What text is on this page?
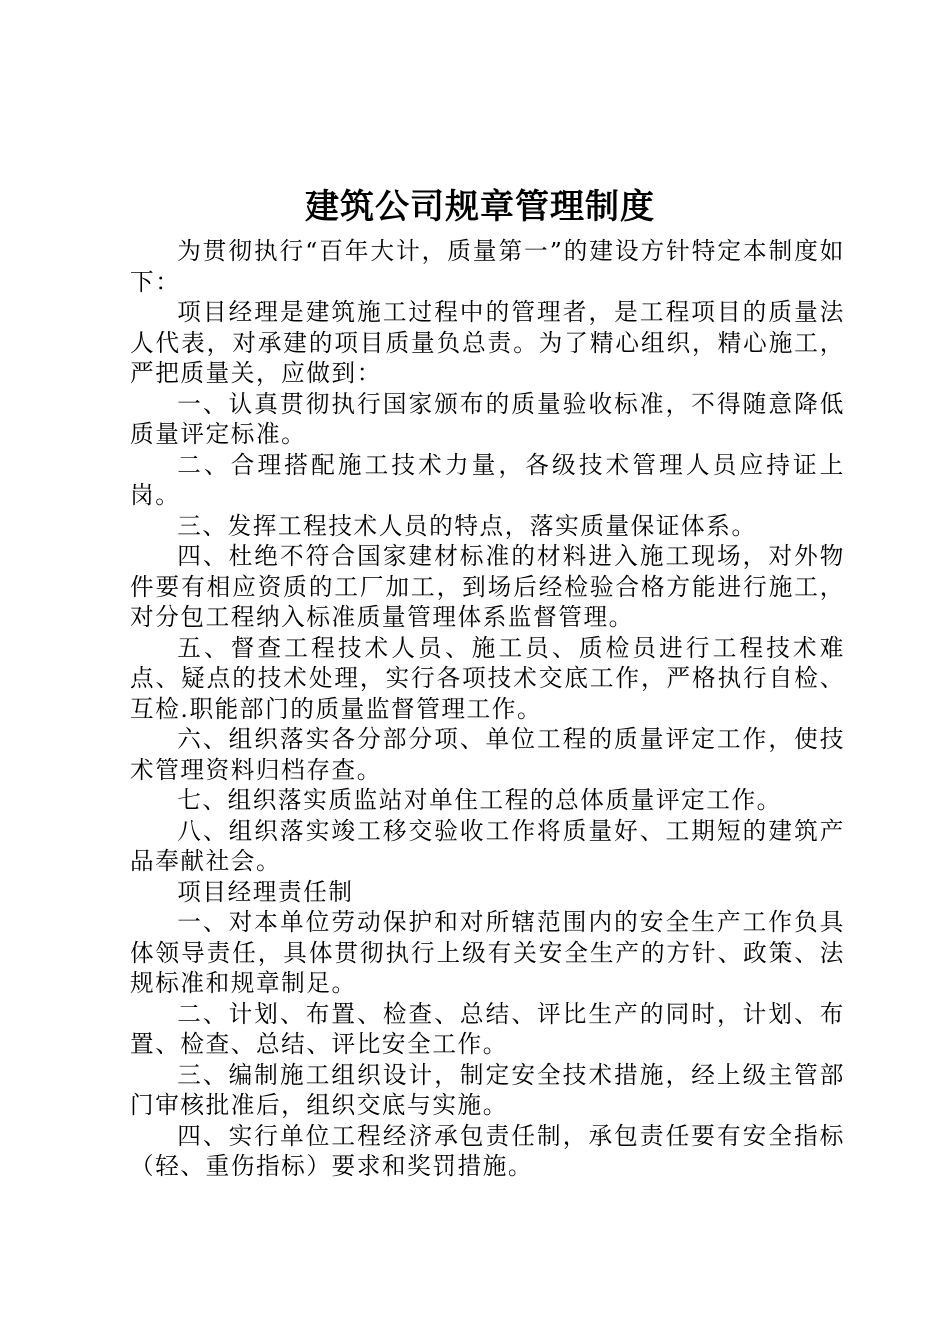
建筑公司规章管理制度

为贯彻执行“百年大计，质量第一”的建设方针特定本制度如下：

项目经理是建筑施工过程中的管理者，是工程项目的质量法人代表，对承建的项目质量负总责。为了精心组织，精心施工，严把质量关，应做到：

一、认真贯彻执行国家颁布的质量验收标准，不得随意降低质量评定标准。

二、合理搭配施工技术力量，各级技术管理人员应持证上岗。

三、发挥工程技术人员的特点，落实质量保证体系。

四、杜绝不符合国家建材标准的材料进入施工现场，对外物件要有相应资质的工厂加工，到场后经检验合格方能进行施工，对分包工程纳入标准质量管理体系监督管理。

五、督查工程技术人员、施工员、质检员进行工程技术难点、疑点的技术处理，实行各项技术交底工作，严格执行自检、互检.职能部门的质量监督管理工作。

六、组织落实各分部分项、单位工程的质量评定工作，使技术管理资料归档存查。

七、组织落实质监站对单住工程的总体质量评定工作。

八、组织落实竣工移交验收工作将质量好、工期短的建筑产品奉献社会。

项目经理责任制

一、对本单位劳动保护和对所辖范围内的安全生产工作负具体领导责任，具体贯彻执行上级有关安全生产的方针、政策、法规标准和规章制足。

二、计划、布置、检查、总结、评比生产的同时，计划、布置、检查、总结、评比安全工作。

三、编制施工组织设计，制定安全技术措施，经上级主管部门审核批准后，组织交底与实施。

四、实行单位工程经济承包责任制，承包责任要有安全指标（轻、重伤指标）要求和奖罚措施。
